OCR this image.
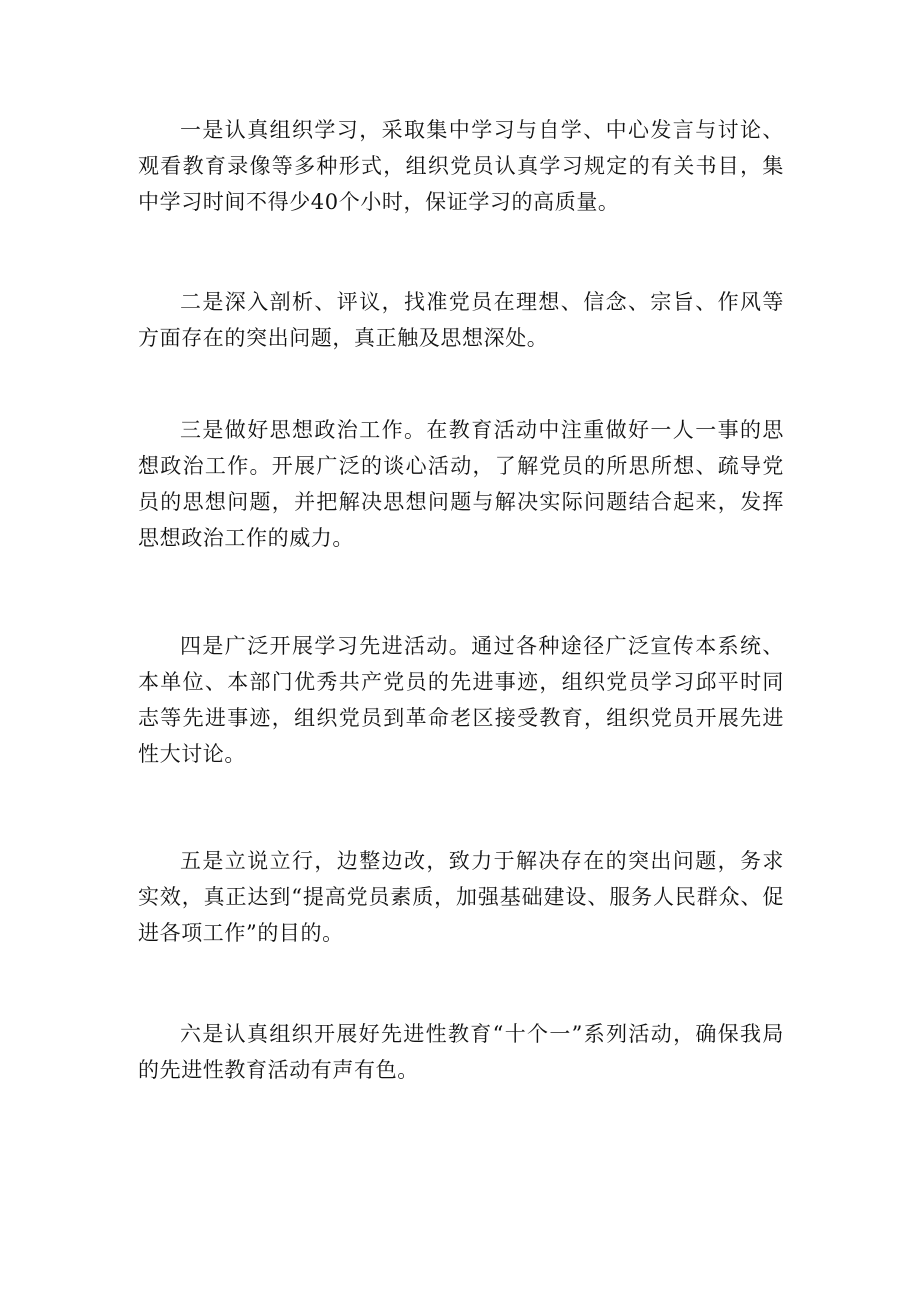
一是认真组织学习，采取集中学习与自学、中心发言与讨论、观看教育录像等多种形式，组织党员认真学习规定的有关书目，集中学习时间不得少40个小时，保证学习的高质量。

二是深入剖析、评议，找准党员在理想、信念、宗旨、作风等方面存在的突出问题，真正触及思想深处。

三是做好思想政治工作。在教育活动中注重做好一人一事的思想政治工作。开展广泛的谈心活动，了解党员的所思所想、疏导党员的思想问题，并把解决思想问题与解决实际问题结合起来，发挥思想政治工作的威力。

四是广泛开展学习先进活动。通过各种途径广泛宣传本系统、本单位、本部门优秀共产党员的先进事迹，组织党员学习邱平时同志等先进事迹，组织党员到革命老区接受教育，组织党员开展先进性大讨论。

五是立说立行，边整边改，致力于解决存在的突出问题，务求实效，真正达到“提高党员素质，加强基础建设、服务人民群众、促进各项工作”的目的。

六是认真组织开展好先进性教育“十个一”系列活动，确保我局的先进性教育活动有声有色。
